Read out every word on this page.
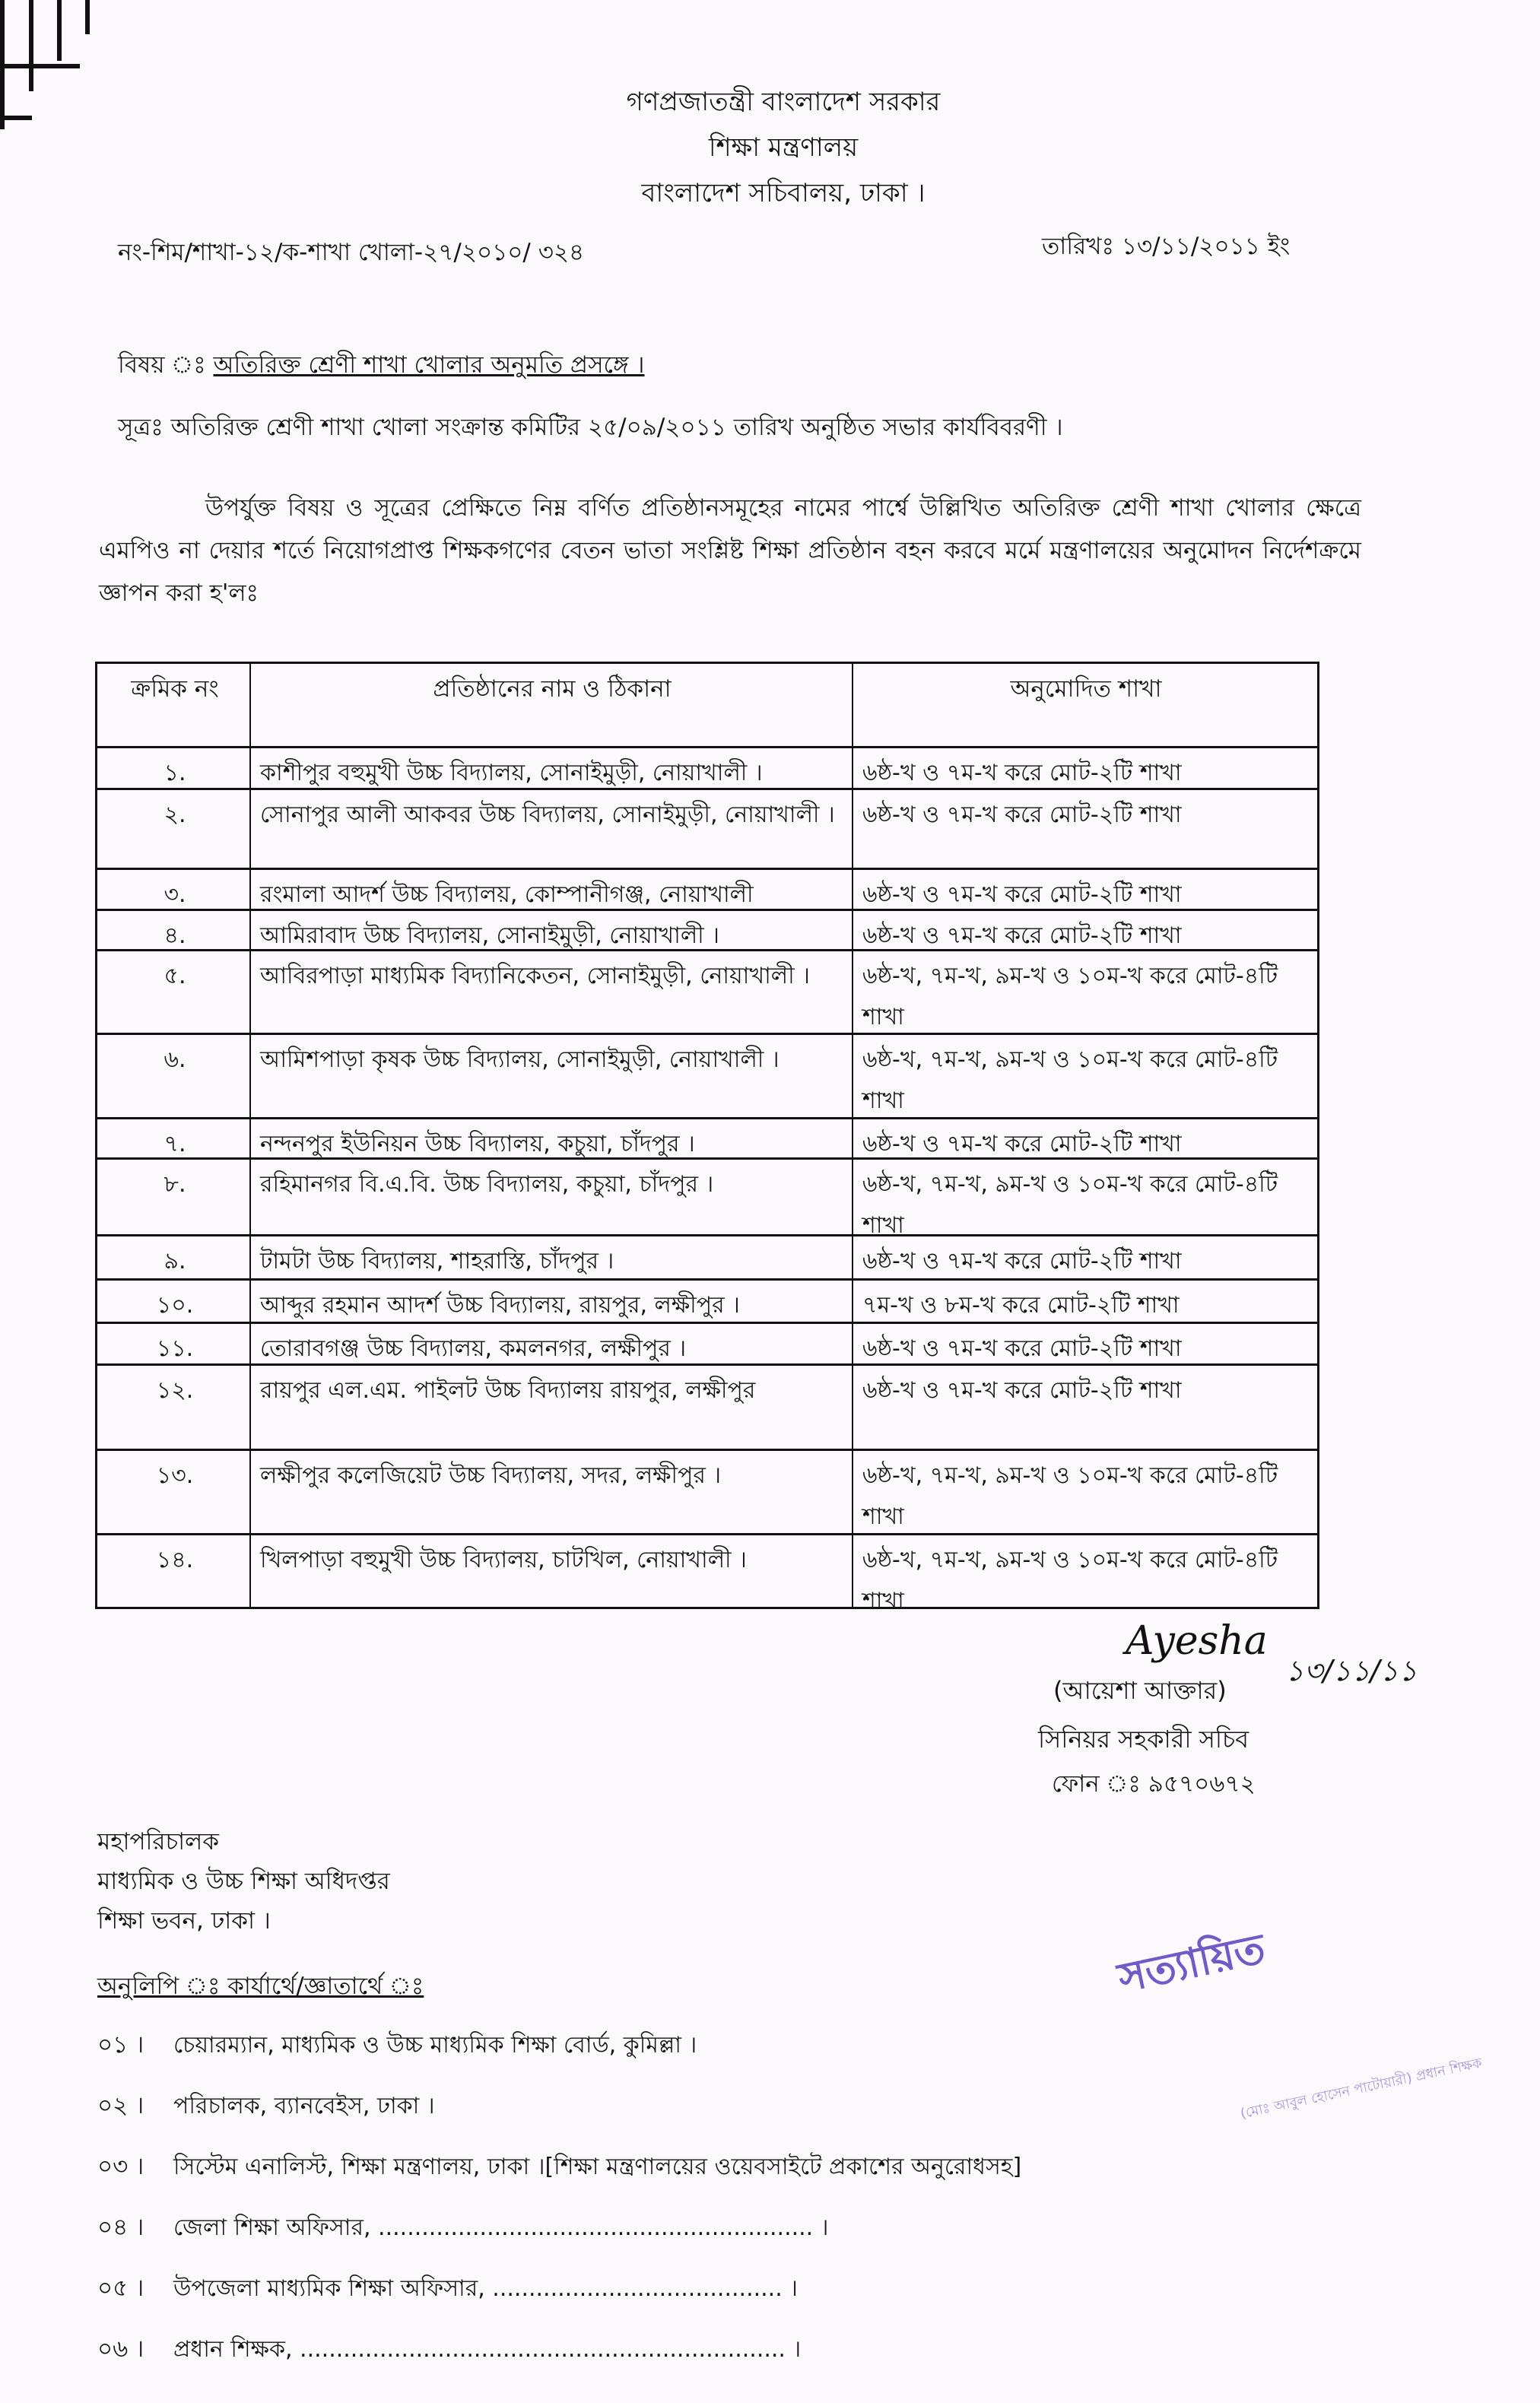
গণপ্রজাতন্ত্রী বাংলাদেশ সরকার
শিক্ষা মন্ত্রণালয়
বাংলাদেশ সচিবালয়, ঢাকা ।
নং-শিম/শাখা-১২/ক-শাখা খোলা-২৭/২০১০/ ৩২৪	তারিখঃ ১৩/১১/২০১১ ইং
বিষয় ঃ অতিরিক্ত শ্রেণী শাখা খোলার অনুমতি প্রসঙ্গে ।
সূত্রঃ অতিরিক্ত শ্রেণী শাখা খোলা সংক্রান্ত কমিটির ২৫/০৯/২০১১ তারিখ অনুষ্ঠিত সভার কার্যবিবরণী ।
উপর্যুক্ত বিষয় ও সূত্রের প্রেক্ষিতে নিম্ন বর্ণিত প্রতিষ্ঠানসমূহের নামের পার্শ্বে উল্লিখিত অতিরিক্ত শ্রেণী শাখা খোলার ক্ষেত্রে এমপিও না দেয়ার শর্তে নিয়োগপ্রাপ্ত শিক্ষকগণের বেতন ভাতা সংশ্লিষ্ট শিক্ষা প্রতিষ্ঠান বহন করবে মর্মে মন্ত্রণালয়ের অনুমোদন নির্দেশক্রমে জ্ঞাপন করা হ'লঃ
ক্রমিক নং	প্রতিষ্ঠানের নাম ও ঠিকানা	অনুমোদিত শাখা
১.	কাশীপুর বহুমুখী উচ্চ বিদ্যালয়, সোনাইমুড়ী, নোয়াখালী ।	৬ষ্ঠ-খ ও ৭ম-খ করে মোট-২টি শাখা
২.	সোনাপুর আলী আকবর উচ্চ বিদ্যালয়, সোনাইমুড়ী, নোয়াখালী ।	৬ষ্ঠ-খ ও ৭ম-খ করে মোট-২টি শাখা
৩.	রংমালা আদর্শ উচ্চ বিদ্যালয়, কোম্পানীগঞ্জ, নোয়াখালী	৬ষ্ঠ-খ ও ৭ম-খ করে মোট-২টি শাখা
৪.	আমিরাবাদ উচ্চ বিদ্যালয়, সোনাইমুড়ী, নোয়াখালী ।	৬ষ্ঠ-খ ও ৭ম-খ করে মোট-২টি শাখা
৫.	আবিরপাড়া মাধ্যমিক বিদ্যানিকেতন, সোনাইমুড়ী, নোয়াখালী ।	৬ষ্ঠ-খ, ৭ম-খ, ৯ম-খ ও ১০ম-খ করে মোট-৪টি শাখা
৬.	আমিশপাড়া কৃষক উচ্চ বিদ্যালয়, সোনাইমুড়ী, নোয়াখালী ।	৬ষ্ঠ-খ, ৭ম-খ, ৯ম-খ ও ১০ম-খ করে মোট-৪টি শাখা
৭.	নন্দনপুর ইউনিয়ন উচ্চ বিদ্যালয়, কচুয়া, চাঁদপুর ।	৬ষ্ঠ-খ ও ৭ম-খ করে মোট-২টি শাখা
৮.	রহিমানগর বি.এ.বি. উচ্চ বিদ্যালয়, কচুয়া, চাঁদপুর ।	৬ষ্ঠ-খ, ৭ম-খ, ৯ম-খ ও ১০ম-খ করে মোট-৪টি শাখা
৯.	টামটা উচ্চ বিদ্যালয়, শাহরাস্তি, চাঁদপুর ।	৬ষ্ঠ-খ ও ৭ম-খ করে মোট-২টি শাখা
১০.	আব্দুর রহমান আদর্শ উচ্চ বিদ্যালয়, রায়পুর, লক্ষীপুর ।	৭ম-খ ও ৮ম-খ করে মোট-২টি শাখা
১১.	তোরাবগঞ্জ উচ্চ বিদ্যালয়, কমলনগর, লক্ষীপুর ।	৬ষ্ঠ-খ ও ৭ম-খ করে মোট-২টি শাখা
১২.	রায়পুর এল.এম. পাইলট উচ্চ বিদ্যালয় রায়পুর, লক্ষীপুর	৬ষ্ঠ-খ ও ৭ম-খ করে মোট-২টি শাখা
১৩.	লক্ষীপুর কলেজিয়েট উচ্চ বিদ্যালয়, সদর, লক্ষীপুর ।	৬ষ্ঠ-খ, ৭ম-খ, ৯ম-খ ও ১০ম-খ করে মোট-৪টি শাখা
১৪.	খিলপাড়া বহুমুখী উচ্চ বিদ্যালয়, চাটখিল, নোয়াখালী ।	৬ষ্ঠ-খ, ৭ম-খ, ৯ম-খ ও ১০ম-খ করে মোট-৪টি শাখা
Ayesha
১৩/১১/১১
(আয়েশা আক্তার)
সিনিয়র সহকারী সচিব
ফোন ঃ ৯৫৭০৬৭২
মহাপরিচালক
মাধ্যমিক ও উচ্চ শিক্ষা অধিদপ্তর
শিক্ষা ভবন, ঢাকা ।
অনুলিপি ঃ কার্যার্থে/জ্ঞাতার্থে ঃ
০১ । চেয়ারম্যান, মাধ্যমিক ও উচ্চ মাধ্যমিক শিক্ষা বোর্ড, কুমিল্লা ।
০২ । পরিচালক, ব্যানবেইস, ঢাকা ।
০৩ । সিস্টেম এনালিস্ট, শিক্ষা মন্ত্রণালয়, ঢাকা ।[শিক্ষা মন্ত্রণালয়ের ওয়েবসাইটে প্রকাশের অনুরোধসহ]
০৪ । জেলা শিক্ষা অফিসার, ............................................................ ।
০৫ । উপজেলা মাধ্যমিক শিক্ষা অফিসার, ........................................ ।
০৬ । প্রধান শিক্ষক, ................................................................... ।
সত্যায়িত
(মোঃ আবুল হোসেন পাটোয়ারী) প্রধান শিক্ষক
